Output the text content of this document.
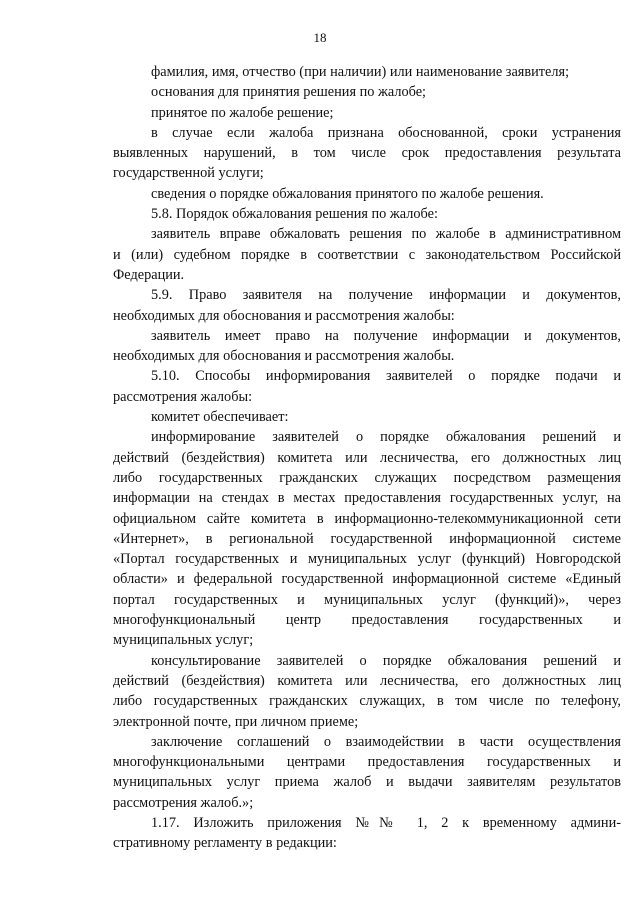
18
фамилия, имя, отчество (при наличии) или наименование заявителя;
основания для принятия решения по жалобе;
принятое по жалобе решение;
в случае если жалоба признана обоснованной, сроки устранения
выявленных нарушений, в том числе срок предоставления результата
государственной услуги;
сведения о порядке обжалования принятого по жалобе решения.
5.8. Порядок обжалования решения по жалобе:
заявитель вправе обжаловать решения по жалобе в административном
и (или) судебном порядке в соответствии с законодательством Российской
Федерации.
5.9. Право заявителя на получение информации и документов,
необходимых для обоснования и рассмотрения жалобы:
заявитель имеет право на получение информации и документов,
необходимых для обоснования и рассмотрения жалобы.
5.10. Способы информирования заявителей о порядке подачи и
рассмотрения жалобы:
комитет обеспечивает:
информирование заявителей о порядке обжалования решений и
действий (бездействия) комитета или лесничества, его должностных лиц
либо государственных гражданских служащих посредством размещения
информации на стендах в местах предоставления государственных услуг, на
официальном сайте комитета в информационно-телекоммуникационной сети
«Интернет», в региональной государственной информационной системе
«Портал государственных и муниципальных услуг (функций) Новгородской
области» и федеральной государственной информационной системе «Единый
портал государственных и муниципальных услуг (функций)», через
многофункциональный центр предоставления государственных и
муниципальных услуг;
консультирование заявителей о порядке обжалования решений и
действий (бездействия) комитета или лесничества, его должностных лиц
либо государственных гражданских служащих, в том числе по телефону,
электронной почте, при личном приеме;
заключение соглашений о взаимодействии в части осуществления
многофункциональными центрами предоставления государственных и
муниципальных услуг приема жалоб и выдачи заявителям результатов
рассмотрения жалоб.»;
1.17. Изложить приложения №№ 1, 2 к временному админи-
стративному регламенту в редакции:
